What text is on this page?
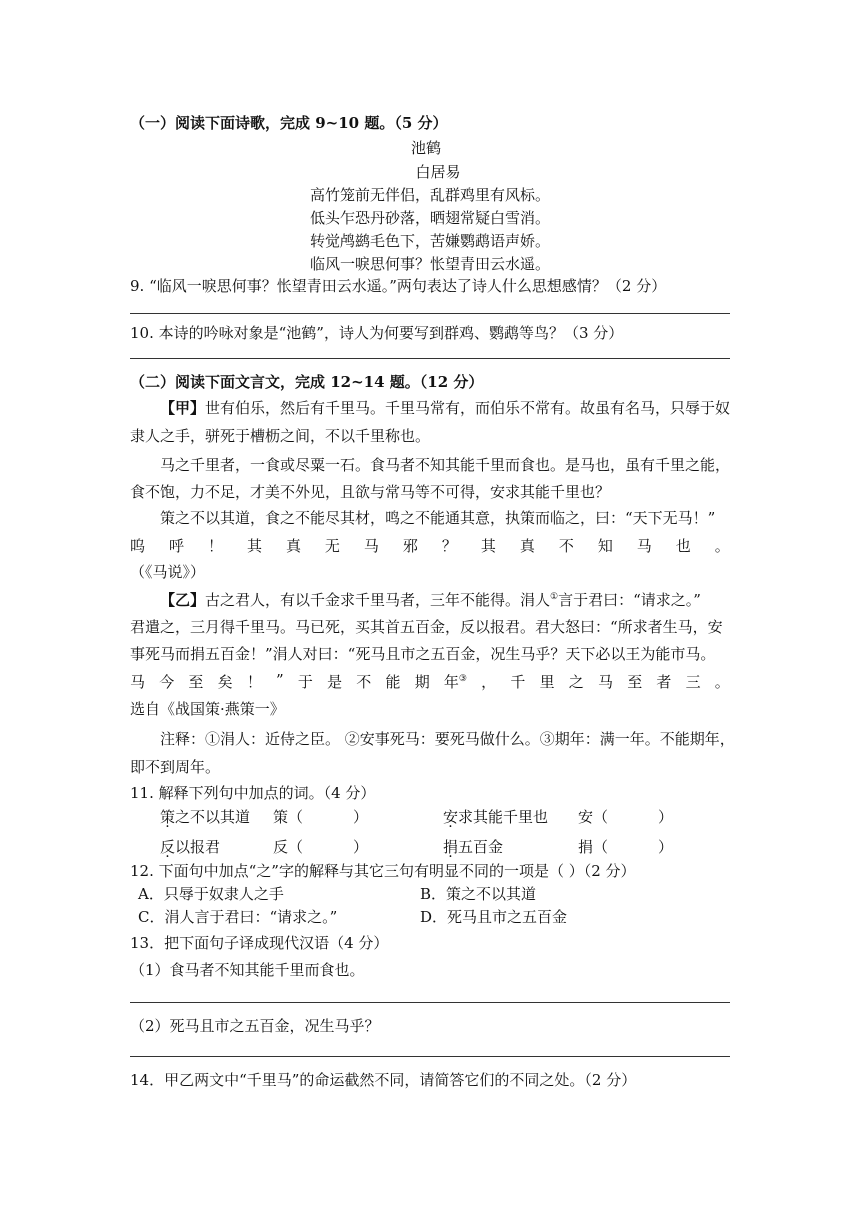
（一）阅读下面诗歌，完成 9~10 题。（5 分）
池鹤
白居易
高竹笼前无伴侣，乱群鸡里有风标。
低头乍恐丹砂落，晒翅常疑白雪消。
转觉鸬鹚毛色下，苦嫌鹦鹉语声娇。
临风一唳思何事？怅望青田云水遥。
9. “临风一唳思何事？怅望青田云水遥。”两句表达了诗人什么思想感情？（2 分）
10. 本诗的吟咏对象是“池鹤”，诗人为何要写到群鸡、鹦鹉等鸟？（3 分）
（二）阅读下面文言文，完成 12~14 题。（12 分）
【甲】世有伯乐，然后有千里马。千里马常有，而伯乐不常有。故虽有名马，只辱于奴
隶人之手，骈死于槽枥之间，不以千里称也。
马之千里者，一食或尽粟一石。食马者不知其能千里而食也。是马也，虽有千里之能，
食不饱，力不足，才美不外见，且欲与常马等不可得，安求其能千里也？
策之不以其道，食之不能尽其材，鸣之不能通其意，执策而临之，曰：“天下无马！”
呜 呼 ！ 其 真 无 马 邪 ？ 其 真 不 知 马 也 。
（《马说》）
【乙】古之君人，有以千金求千里马者，三年不能得。涓人①言于君曰：“请求之。”
君遣之，三月得千里马。马已死，买其首五百金，反以报君。君大怒曰：“所求者生马，安
事死马而捐五百金！”涓人对曰：“死马且市之五百金，况生马乎？天下必以王为能市马。
马 今 至 矣 ！ ” 于 是 不 能 期 年③ ， 千 里 之 马 至 者 三 。
选自《战国策·燕策一》
注释：①涓人：近侍之臣。 ②安事死马：要死马做什么。③期年：满一年。不能期年，
即不到周年。
11. 解释下列句中加点的词。（4 分）
策之不以其道 策（	）	安求其能千里也 安（	）
反以报君	反（	）	捐五百金	捐（	）
12. 下面句中加点“之”字的解释与其它三句有明显不同的一项是（ ）（2 分）
A．只辱于奴隶人之手	B．策之不以其道
C．涓人言于君曰：“请求之。”	D．死马且市之五百金
13．把下面句子译成现代汉语（4 分）
（1）食马者不知其能千里而食也。
（2）死马且市之五百金，况生马乎？
14．甲乙两文中“千里马”的命运截然不同，请简答它们的不同之处。（2 分）
